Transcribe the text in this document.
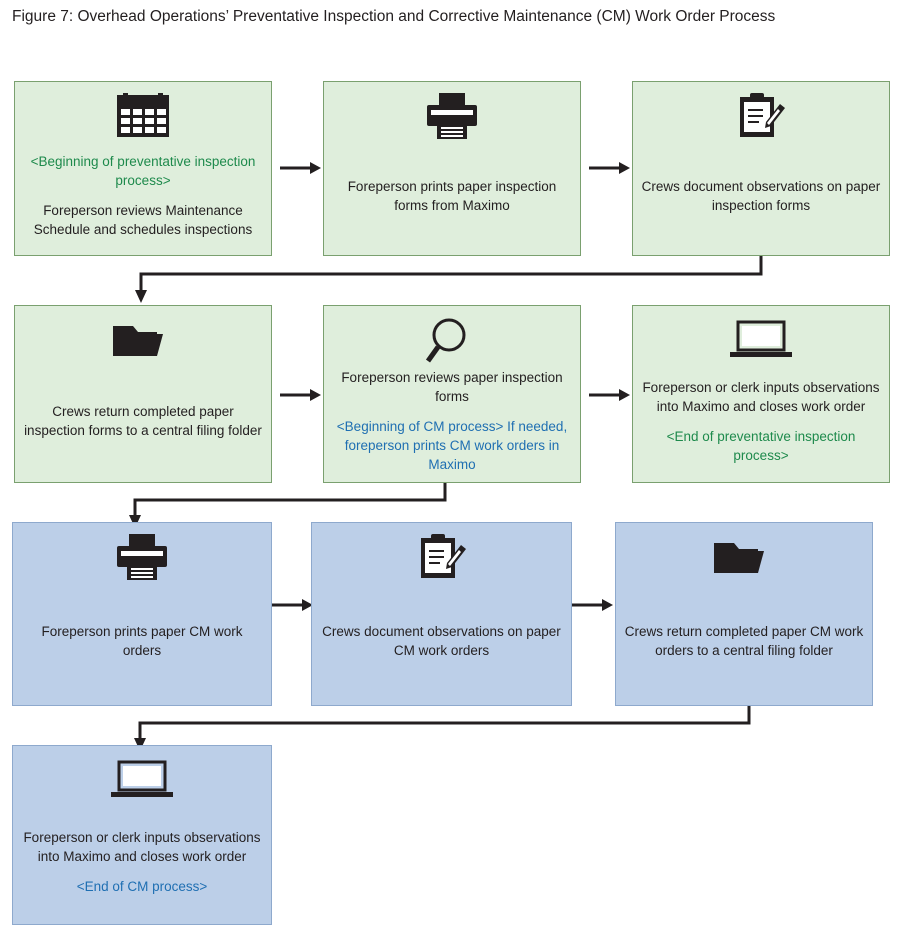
Figure 7: Overhead Operations’ Preventative Inspection and Corrective Maintenance (CM) Work Order Process
<Beginning of preventative inspection process>
Foreperson reviews Maintenance Schedule and schedules inspections
Foreperson prints paper inspection forms from Maximo
Crews document observations on paper inspection forms
Crews return completed paper inspection forms to a central filing folder
Foreperson reviews paper inspection forms
<Beginning of CM process> If needed, foreperson prints CM work orders in Maximo
Foreperson or clerk inputs observations into Maximo and closes work order
<End of preventative inspection process>
Foreperson prints paper CM work orders
Crews document observations on paper CM work orders
Crews return completed paper CM work orders to a central filing folder
Foreperson or clerk inputs observations into Maximo and closes work order
<End of CM process>
